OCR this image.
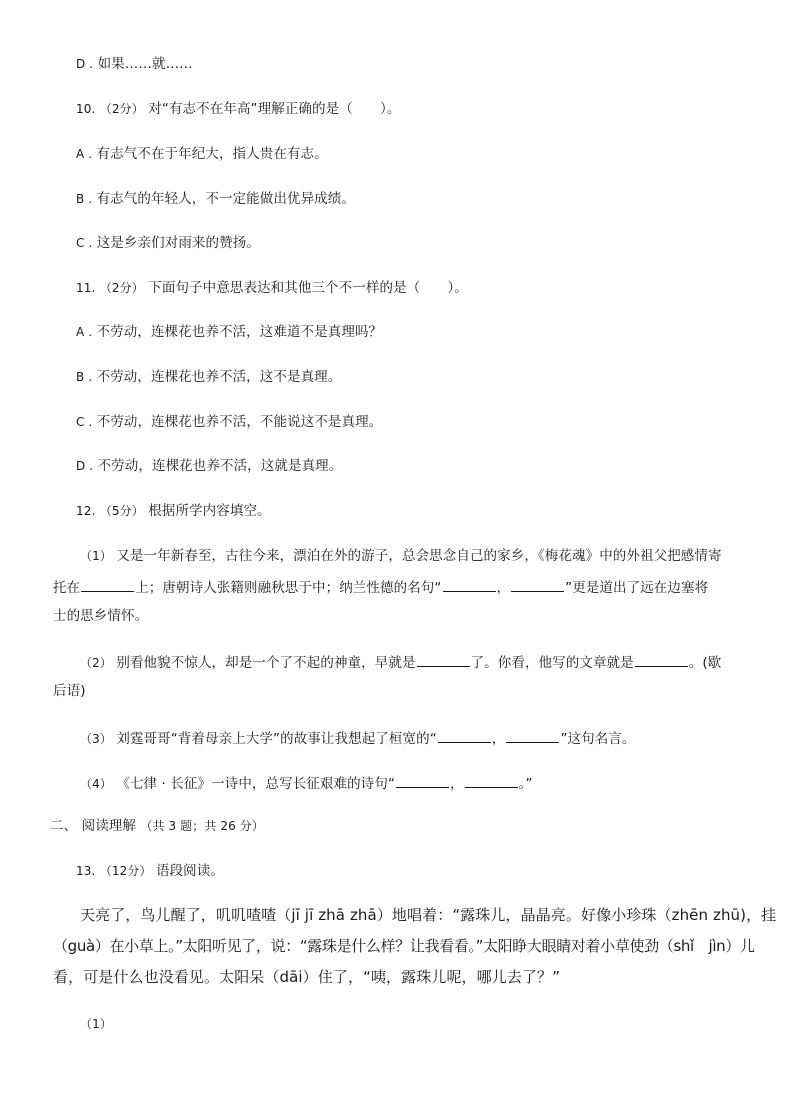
D . 如果……就……

10. （2分） 对“有志不在年高”理解正确的是（　　）。

A . 有志气不在于年纪大，指人贵在有志。

B . 有志气的年轻人，不一定能做出优异成绩。

C . 这是乡亲们对雨来的赞扬。

11. （2分） 下面句子中意思表达和其他三个不一样的是（　　）。

A . 不劳动，连棵花也养不活，这难道不是真理吗？

B . 不劳动，连棵花也养不活，这不是真理。

C . 不劳动，连棵花也养不活，不能说这不是真理。

D . 不劳动，连棵花也养不活，这就是真理。

12. （5分） 根据所学内容填空。

（1） 又是一年新春至，古往今来，漂泊在外的游子，总会思念自己的家乡，《梅花魂》中的外祖父把感情寄

托在	上；唐朝诗人张籍则融秋思于中；纳兰性德的名句“	，	”更是道出了远在边塞将

士的思乡情怀。

（2） 别看他貌不惊人，却是一个了不起的神童，早就是	了。你看，他写的文章就是	。(歇

后语)

（3） 刘霆哥哥“背着母亲上大学”的故事让我想起了桓宽的“	，	”这句名言。

（4） 《七律 · 长征》一诗中，总写长征艰难的诗句“	，	。”

二、 阅读理解 （共 3 题；共 26 分）

13. （12分） 语段阅读。

天亮了，鸟儿醒了，叽叽喳喳（jī jī zhā zhā）地唱着：“露珠儿，晶晶亮。好像小珍珠（zhēn zhū)，挂

（guà）在小草上。”太阳听见了，说：“露珠是什么样？让我看看。”太阳睁大眼睛对着小草使劲（shǐ　jìn）儿

看，可是什么也没看见。太阳呆（dāi）住了，“咦，露珠儿呢，哪儿去了？”

（1）
